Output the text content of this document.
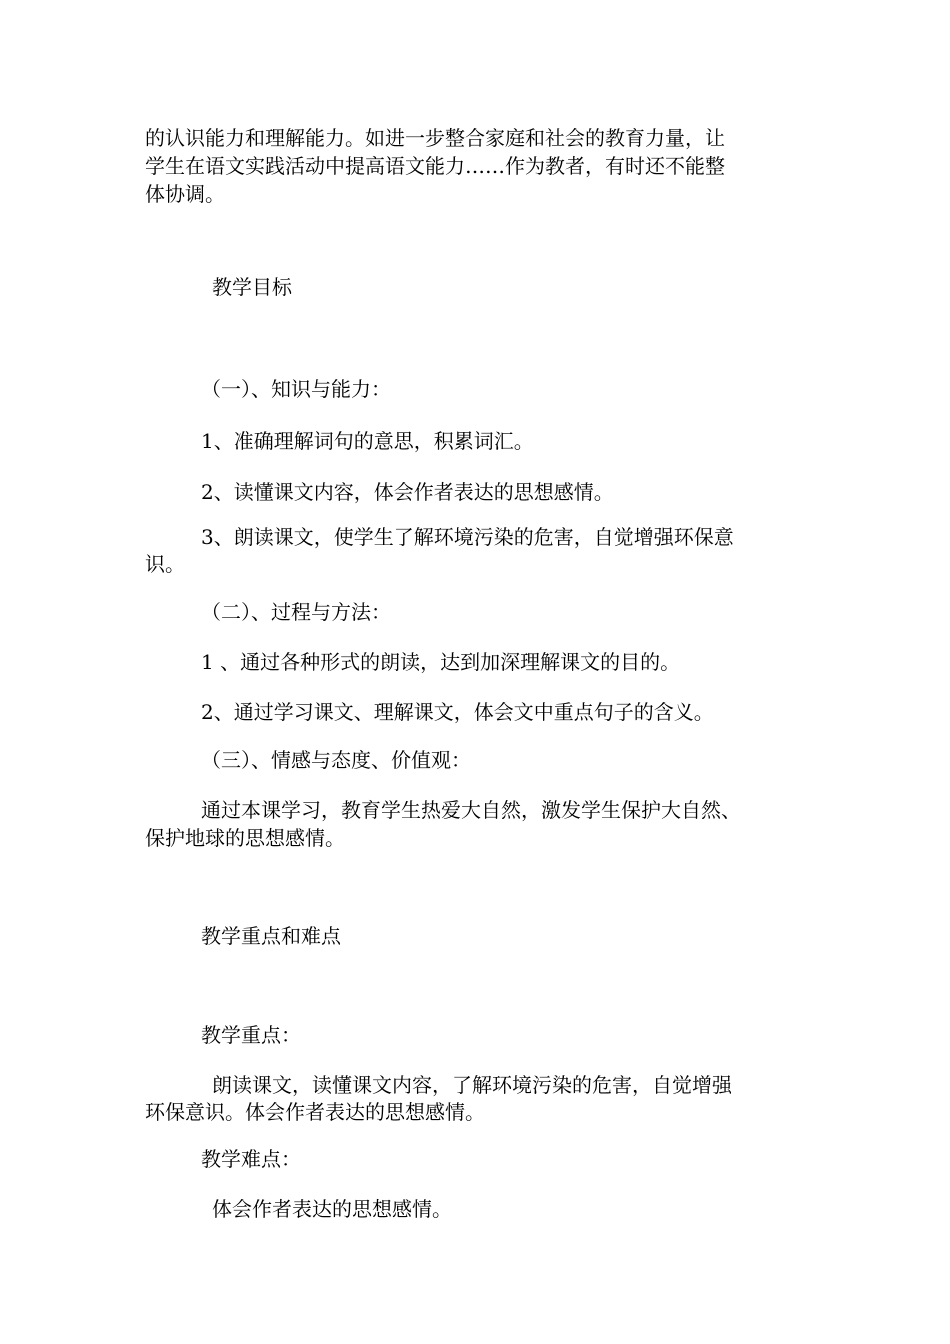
的认识能力和理解能力。如进一步整合家庭和社会的教育力量，让

学生在语文实践活动中提高语文能力……作为教者，有时还不能整

体协调。

教学目标

（一）、知识与能力：

1、准确理解词句的意思，积累词汇。

2、读懂课文内容，体会作者表达的思想感情。

3、朗读课文，使学生了解环境污染的危害，自觉增强环保意

识。

（二）、过程与方法：

1 、通过各种形式的朗读，达到加深理解课文的目的。

2、通过学习课文、理解课文，体会文中重点句子的含义。

（三）、情感与态度、价值观：

通过本课学习，教育学生热爱大自然，激发学生保护大自然、

保护地球的思想感情。

教学重点和难点

教学重点：

朗读课文，读懂课文内容，了解环境污染的危害，自觉增强

环保意识。体会作者表达的思想感情。

教学难点：

体会作者表达的思想感情。
